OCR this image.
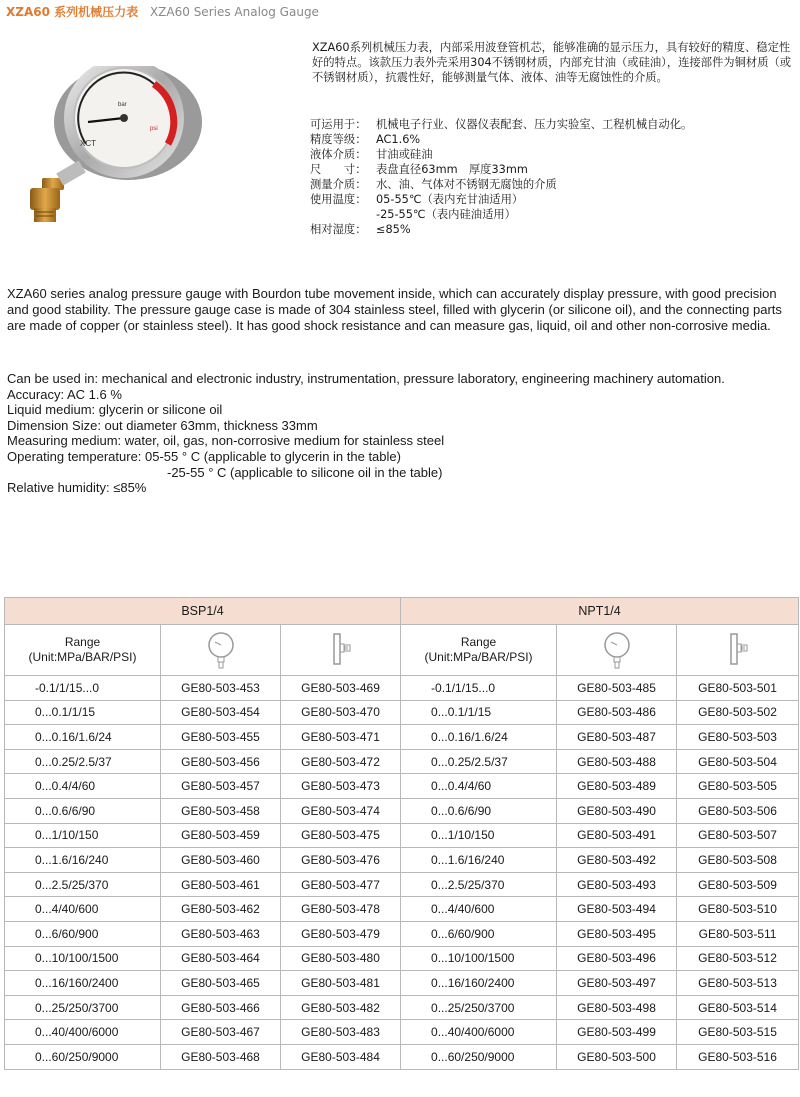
XZA60 系列机械压力表 XZA60 Series Analog Gauge
XCT
bar
psi

XZA60系列机械压力表，内部采用波登管机芯，能够准确的显示压力，具有较好的精度、稳定性好的特点。该款压力表外壳采用304不锈钢材质，内部充甘油（或硅油），连接部件为铜材质（或不锈钢材质），抗震性好，能够测量气体、液体、油等无腐蚀性的介质。

可运用于： 机械电子行业、仪器仪表配套、压力实验室、工程机械自动化。
精度等级： AC1.6%
液体介质： 甘油或硅油
尺　　寸： 表盘直径63mm　厚度33mm
测量介质： 水、油、气体对不锈钢无腐蚀的介质
使用温度： 05-55℃（表内充甘油适用）
-25-55℃（表内硅油适用）
相对湿度： ≤85%

XZA60 series analog pressure gauge with Bourdon tube movement inside, which can accurately display pressure, with good precision and good stability. The pressure gauge case is made of 304 stainless steel, filled with glycerin (or silicone oil), and the connecting parts are made of copper (or stainless steel). It has good shock resistance and can measure gas, liquid, oil and other non-corrosive media.

Can be used in: mechanical and electronic industry, instrumentation, pressure laboratory, engineering machinery automation.
Accuracy: AC 1.6 %
Liquid medium: glycerin or silicone oil
Dimension Size: out diameter 63mm, thickness 33mm
Measuring medium: water, oil, gas, non-corrosive medium for stainless steel
Operating temperature: 05-55 ° C (applicable to glycerin in the table)
-25-55 ° C (applicable to silicone oil in the table)
Relative humidity: ≤85%
BSP1/4			NPT1/4		
Range
(Unit:MPa/BAR/PSI)			Range
(Unit:MPa/BAR/PSI)		
-0.1/1/15...0	GE80-503-453	GE80-503-469	-0.1/1/15...0	GE80-503-485	GE80-503-501
0...0.1/1/15	GE80-503-454	GE80-503-470	0...0.1/1/15	GE80-503-486	GE80-503-502
0...0.16/1.6/24	GE80-503-455	GE80-503-471	0...0.16/1.6/24	GE80-503-487	GE80-503-503
0...0.25/2.5/37	GE80-503-456	GE80-503-472	0...0.25/2.5/37	GE80-503-488	GE80-503-504
0...0.4/4/60	GE80-503-457	GE80-503-473	0...0.4/4/60	GE80-503-489	GE80-503-505
0...0.6/6/90	GE80-503-458	GE80-503-474	0...0.6/6/90	GE80-503-490	GE80-503-506
0...1/10/150	GE80-503-459	GE80-503-475	0...1/10/150	GE80-503-491	GE80-503-507
0...1.6/16/240	GE80-503-460	GE80-503-476	0...1.6/16/240	GE80-503-492	GE80-503-508
0...2.5/25/370	GE80-503-461	GE80-503-477	0...2.5/25/370	GE80-503-493	GE80-503-509
0...4/40/600	GE80-503-462	GE80-503-478	0...4/40/600	GE80-503-494	GE80-503-510
0...6/60/900	GE80-503-463	GE80-503-479	0...6/60/900	GE80-503-495	GE80-503-511
0...10/100/1500	GE80-503-464	GE80-503-480	0...10/100/1500	GE80-503-496	GE80-503-512
0...16/160/2400	GE80-503-465	GE80-503-481	0...16/160/2400	GE80-503-497	GE80-503-513
0...25/250/3700	GE80-503-466	GE80-503-482	0...25/250/3700	GE80-503-498	GE80-503-514
0...40/400/6000	GE80-503-467	GE80-503-483	0...40/400/6000	GE80-503-499	GE80-503-515
0...60/250/9000	GE80-503-468	GE80-503-484	0...60/250/9000	GE80-503-500	GE80-503-516
